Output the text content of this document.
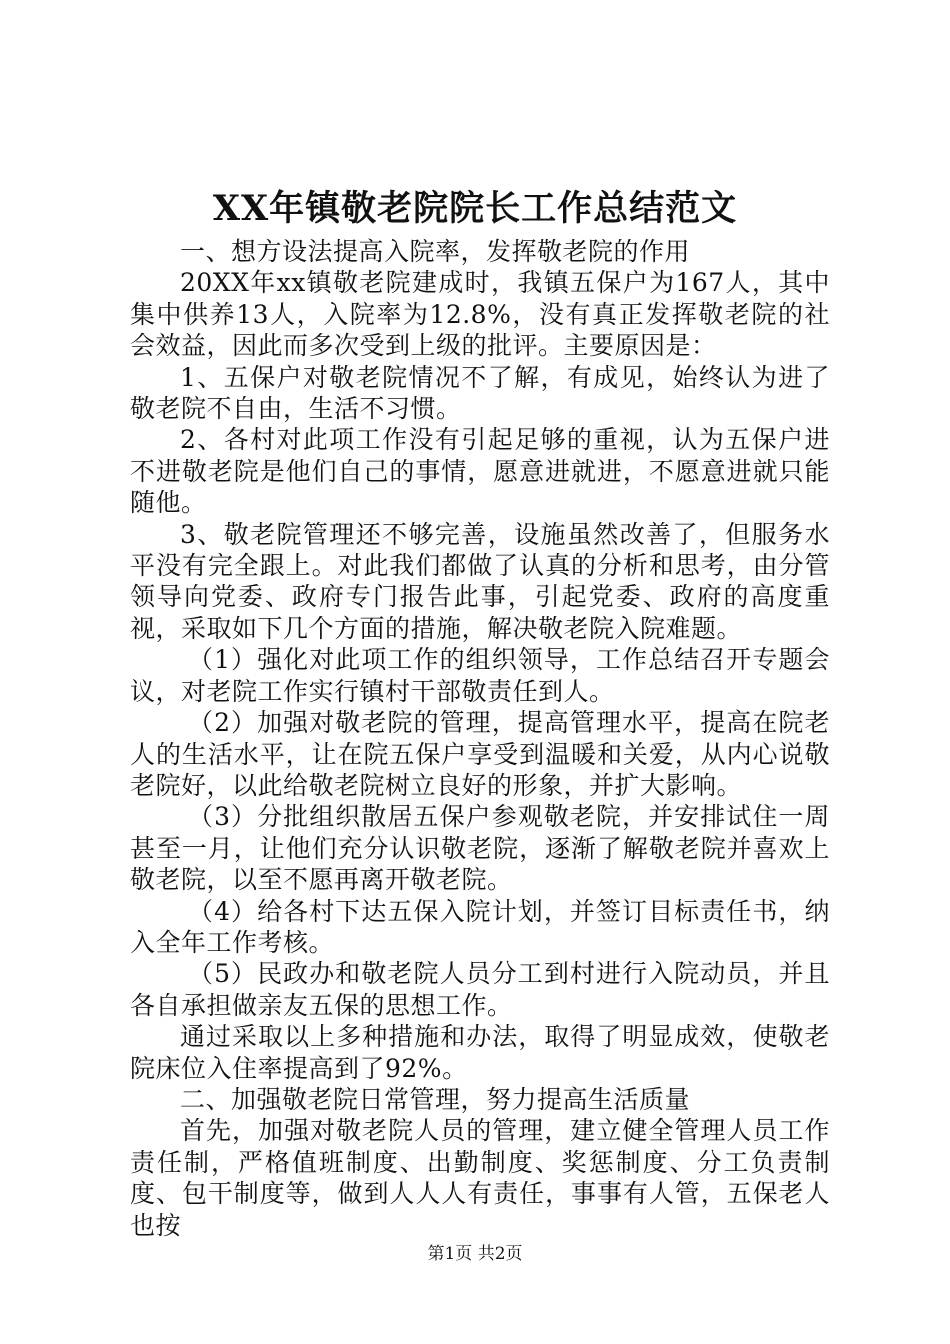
XX年镇敬老院院长工作总结范文

一、想方设法提高入院率，发挥敬老院的作用

20XX年xx镇敬老院建成时，我镇五保户为167人，其中集中供养13人，入院率为12.8%，没有真正发挥敬老院的社会效益，因此而多次受到上级的批评。主要原因是：

1、五保户对敬老院情况不了解，有成见，始终认为进了敬老院不自由，生活不习惯。

2、各村对此项工作没有引起足够的重视，认为五保户进不进敬老院是他们自己的事情，愿意进就进，不愿意进就只能随他。

3、敬老院管理还不够完善，设施虽然改善了，但服务水平没有完全跟上。对此我们都做了认真的分析和思考，由分管领导向党委、政府专门报告此事，引起党委、政府的高度重视，采取如下几个方面的措施，解决敬老院入院难题。

（1）强化对此项工作的组织领导，工作总结召开专题会议，对老院工作实行镇村干部敬责任到人。

（2）加强对敬老院的管理，提高管理水平，提高在院老人的生活水平，让在院五保户享受到温暖和关爱，从内心说敬老院好，以此给敬老院树立良好的形象，并扩大影响。

（3）分批组织散居五保户参观敬老院，并安排试住一周甚至一月，让他们充分认识敬老院，逐渐了解敬老院并喜欢上敬老院，以至不愿再离开敬老院。

（4）给各村下达五保入院计划，并签订目标责任书，纳入全年工作考核。

（5）民政办和敬老院人员分工到村进行入院动员，并且各自承担做亲友五保的思想工作。

通过采取以上多种措施和办法，取得了明显成效，使敬老院床位入住率提高到了92%。

二、加强敬老院日常管理，努力提高生活质量

首先，加强对敬老院人员的管理，建立健全管理人员工作责任制，严格值班制度、出勤制度、奖惩制度、分工负责制度、包干制度等，做到人人人有责任，事事有人管，五保老人也按

第1页 共2页
